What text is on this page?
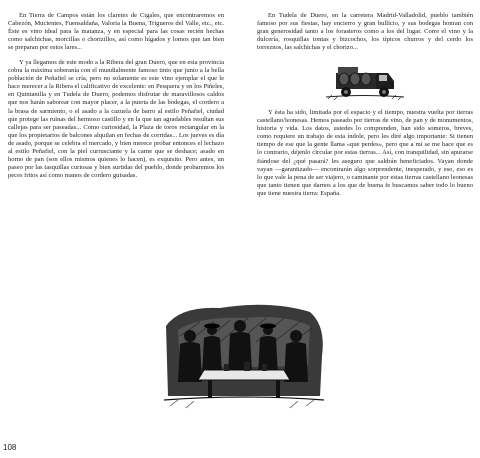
En Tierra de Campos están los claretes de Cigales, que encontraremos en Cabezón, Mucientes, Fuensaldaña, Valoria la Buena, Trigueros del Valle, etc., etc. Éste es vino ideal para la matanza, y en especial para las cosas recién hechas como salchichas, morcillas o chorizillos, así como hígados y lomos que tan bien se preparan por estos lares...

Y ya llegamos de este modo a la Ribera del gran Duero, que en esta provincia cobra la máxima soberanía con el mundialmente famoso tinto que junto a la bella población de Peñafiel se cría, pero no solamente es este vino ejemplar el que le hace merecer a la Ribera el calificativo de excelente: en Pesquera y en los Piñeles, en Quintanilla y en Tudela de Duero, podemos disfrutar de maravillosos caldos que nos harán saborear con mayor placer, a la puerta de las bodegas, el cordero a la brasa de sarmiento, o el asado a la cazuela de barro al estilo Peñafiel, ciudad que protege las ruinas del hermoso castillo y en la que tan agradables resultan sus callejas para ser paseadas... Como curiosidad, la Plaza de toros rectangular en la que los propietarios de balcones alquilan en fechas de corridas... Los jueves es día de asado, porque se celebra el mercado, y bien merece probar entonces el lechazo al estilo Peñafiel, con la piel currusciante y la carne que se deshace; asado en horno de pan (son ellos mismos quienes lo hacen), es exquisito. Pero antes, un paseo por las tasquillas curiosas y bien surtidas del pueblo, donde probaremos los peces fritos así como manos de cordero guisadas.

En Tudela de Duero, en la carretera Madrid-Valladolid, pueblo también famoso por sus fiestas, hay encierro y gran bullicio, y sus bodegas honran con gran generosidad tanto a los forasteros como a los del lugar. Corre el vino y la dulcería, rosquillas tontas y bizcochos, los típicos churros y del cerdo los torreznos, las salchichas y el chorizo...

Y ésta ha sido, limitada por el espacio y el tiempo, nuestra vuelta por tierras castellano/leonesas. Hemos paseado por tierras de vino, de pan y de monumentos, historia y vida. Los datos, ustedes lo comprenden, han sido someros, breves, como requiere un trabajo de esta índole, pero les diré algo importante: Si tienen tiempo de ese que la gente llama «que perdes», pero que a mí se me hace que es lo contrario, déjenlo circular por estas tierras... Así, con tranquilidad, sin apurarse fiándose del ¿qué pasará? les aseguro que saldrán beneficiados. Vayan donde vayan —garantizado— encontrarán algo sorprendente, inesperado, y eso, eso es lo que vale la pena de ser viajero, o caminante por estas tierras castellano leonesas que tanto tienen que darnos a los que de buena fe buscamos saber todo lo bueno que tiene nuestra tierra: España.

108
